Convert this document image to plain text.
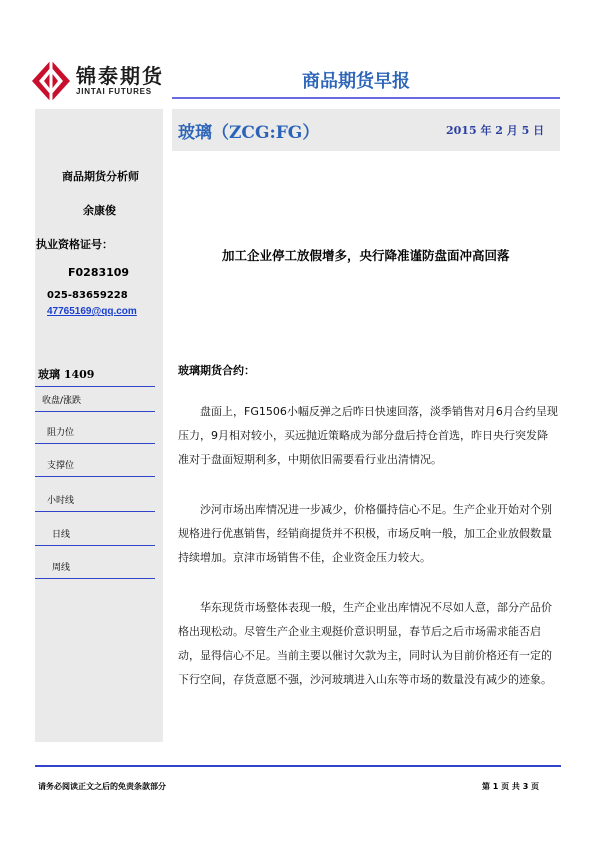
锦泰期货
JINTAI FUTURES	商品期货早报
玻璃（ZCG:FG）	2015 年 2 月 5 日
商品期货分析师
余康俊
执业资格证号：
F0283109
025-83659228
47765169@qq.com
玻璃 1409
收盘/涨跌
阻力位
支撑位
小时线
日线
周线
加工企业停工放假增多，央行降准谨防盘面冲高回落
玻璃期货合约：

盘面上，FG1506小幅反弹之后昨日快速回落，淡季销售对月6月合约呈现压力，9月相对较小，买远抛近策略成为部分盘后持仓首选，昨日央行突发降准对于盘面短期利多，中期依旧需要看行业出清情况。

沙河市场出库情况进一步减少，价格僵持信心不足。生产企业开始对个别规格进行优惠销售，经销商提货并不积极，市场反响一般，加工企业放假数量持续增加。京津市场销售不佳，企业资金压力较大。

华东现货市场整体表现一般，生产企业出库情况不尽如人意，部分产品价格出现松动。尽管生产企业主观挺价意识明显，春节后之后市场需求能否启动，显得信心不足。当前主要以催讨欠款为主，同时认为目前价格还有一定的下行空间，存货意愿不强，沙河玻璃进入山东等市场的数量没有减少的迹象。

请务必阅读正文之后的免责条款部分	第 1 页 共 3 页
